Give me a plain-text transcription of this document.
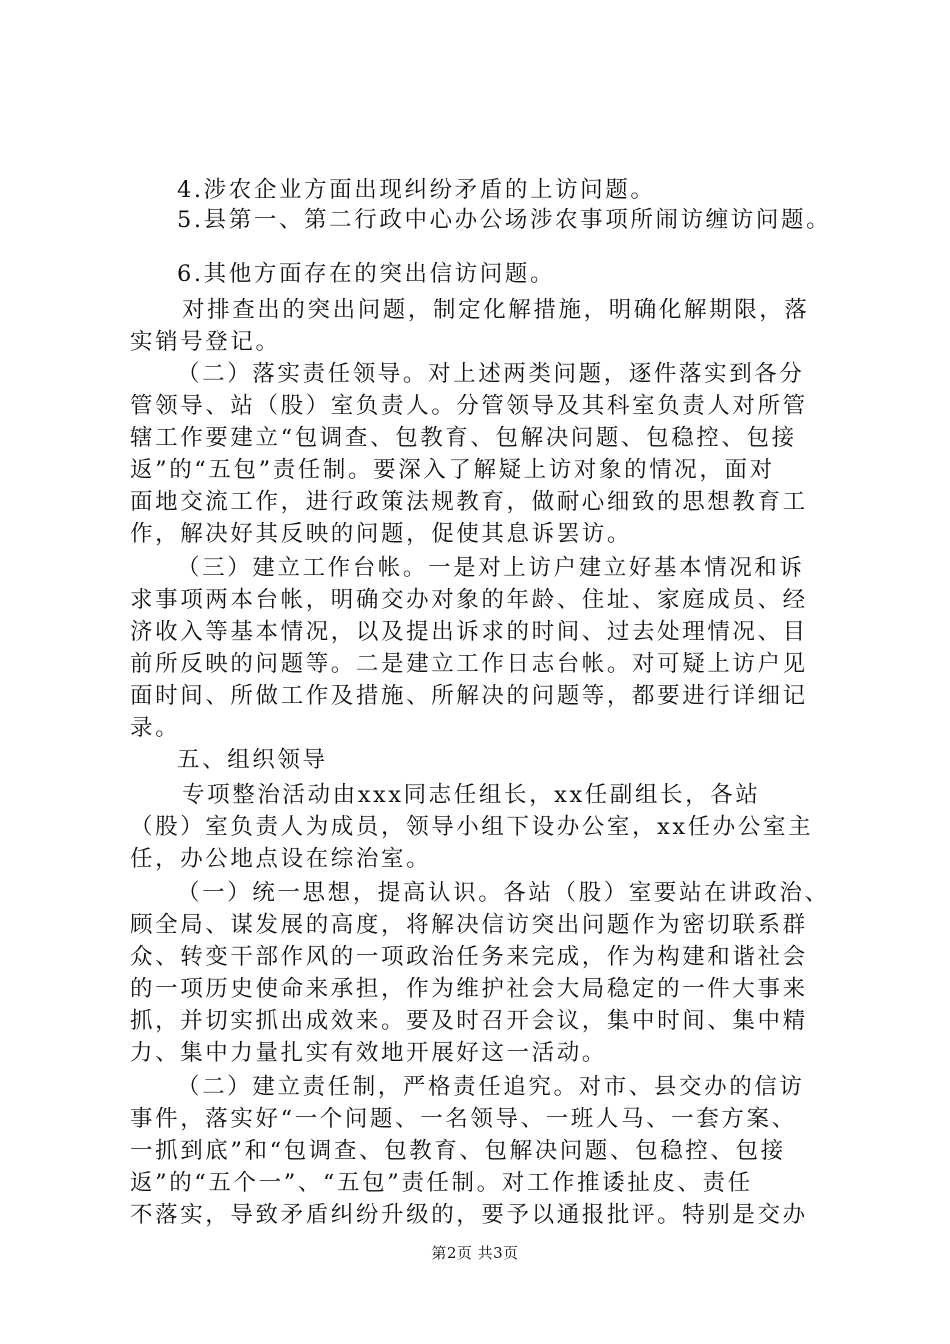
4.涉农企业方面出现纠纷矛盾的上访问题。
5.县第一、第二行政中心办公场涉农事项所闹访缠访问题。
6.其他方面存在的突出信访问题。
对排查出的突出问题，制定化解措施，明确化解期限，落
实销号登记。
（二）落实责任领导。对上述两类问题，逐件落实到各分
管领导、站（股）室负责人。分管领导及其科室负责人对所管
辖工作要建立“包调查、包教育、包解决问题、包稳控、包接
返”的“五包”责任制。要深入了解疑上访对象的情况，面对
面地交流工作，进行政策法规教育，做耐心细致的思想教育工
作，解决好其反映的问题，促使其息诉罢访。
（三）建立工作台帐。一是对上访户建立好基本情况和诉
求事项两本台帐，明确交办对象的年龄、住址、家庭成员、经
济收入等基本情况，以及提出诉求的时间、过去处理情况、目
前所反映的问题等。二是建立工作日志台帐。对可疑上访户见
面时间、所做工作及措施、所解决的问题等，都要进行详细记
录。
五、组织领导
专项整治活动由xxx同志任组长，xx任副组长，各站
（股）室负责人为成员，领导小组下设办公室，xx任办公室主
任，办公地点设在综治室。
（一）统一思想，提高认识。各站（股）室要站在讲政治、
顾全局、谋发展的高度，将解决信访突出问题作为密切联系群
众、转变干部作风的一项政治任务来完成，作为构建和谐社会
的一项历史使命来承担，作为维护社会大局稳定的一件大事来
抓，并切实抓出成效来。要及时召开会议，集中时间、集中精
力、集中力量扎实有效地开展好这一活动。
（二）建立责任制，严格责任追究。对市、县交办的信访
事件，落实好“一个问题、一名领导、一班人马、一套方案、
一抓到底”和“包调查、包教育、包解决问题、包稳控、包接
返”的“五个一”、“五包”责任制。对工作推诿扯皮、责任
不落实，导致矛盾纠纷升级的，要予以通报批评。特别是交办
第2页 共3页
